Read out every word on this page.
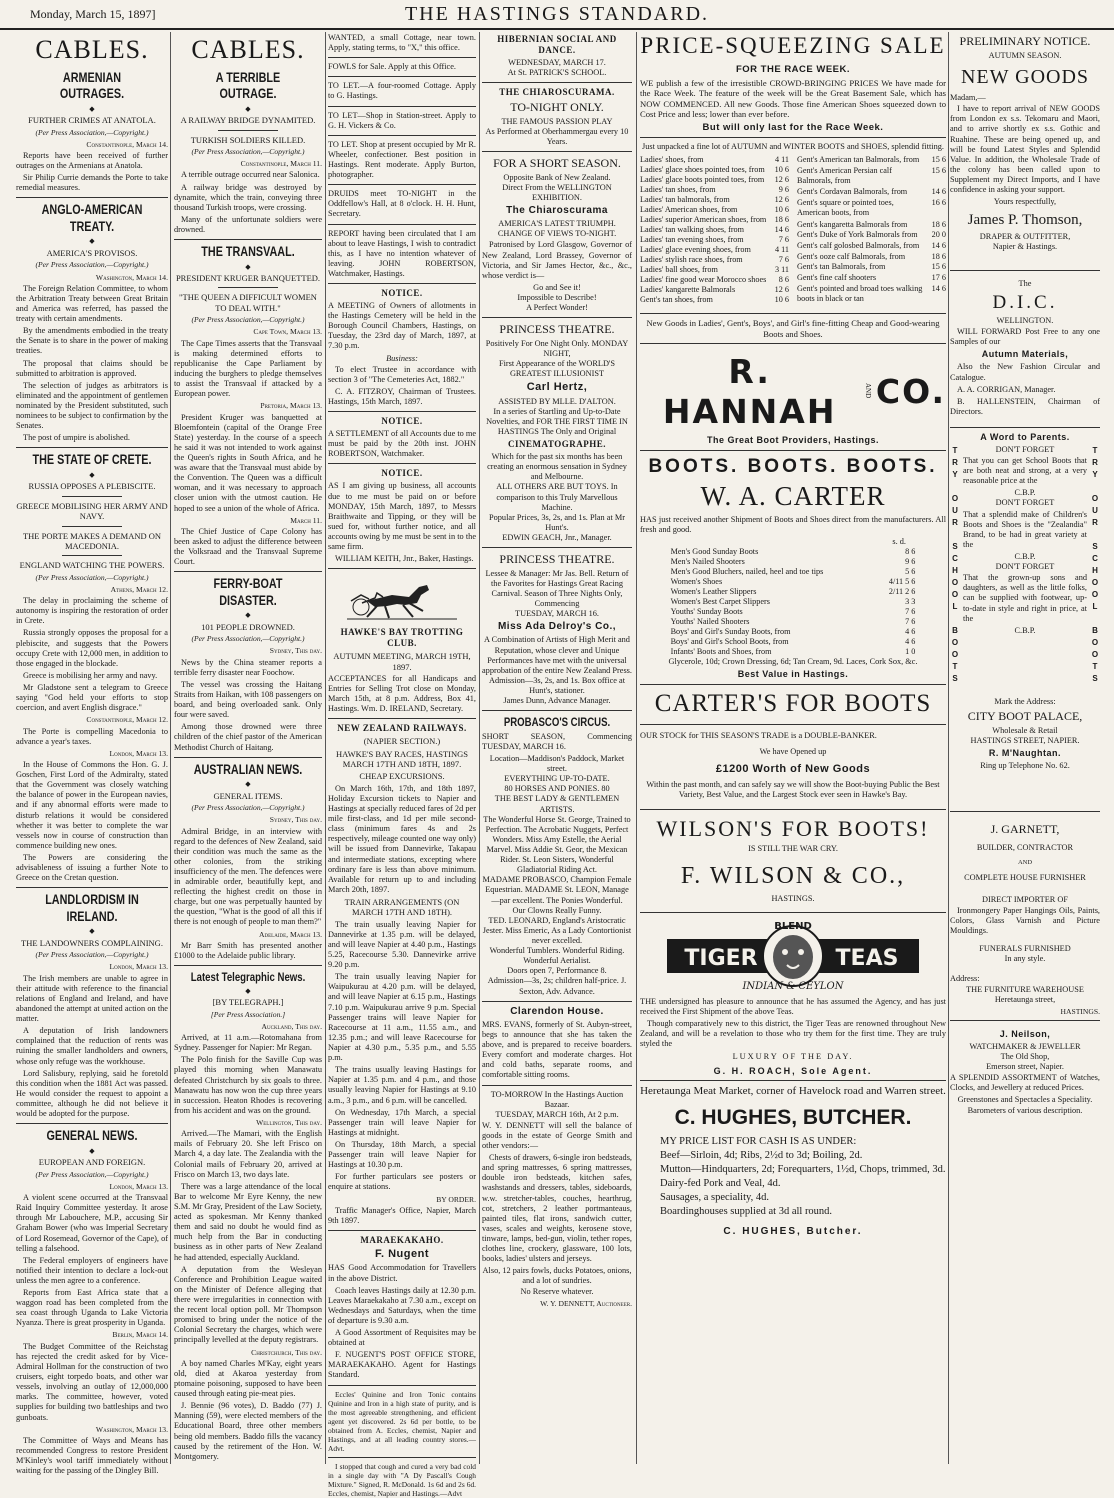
Monday, March 15, 1897]	THE HASTINGS STANDARD.
CABLES.
ARMENIAN OUTRAGES.
◆
FURTHER CRIMES AT ANATOLA.
(Per Press Association,—Copyright.)
Constantinople, March 14.

Reports have been received of further outrages on the Armenians at Anatola.

Sir Philip Currie demands the Porte to take remedial measures.

ANGLO-AMERICAN TREATY.
◆
AMERICA'S PROVISOS.
(Per Press Association,—Copyright.)
Washington, March 14.

The Foreign Relation Committee, to whom the Arbitration Treaty between Great Britain and America was referred, has passed the treaty with certain amendments.

By the amendments embodied in the treaty the Senate is to share in the power of making treaties.

The proposal that claims should be submitted to arbitration is approved.

The selection of judges as arbitrators is eliminated and the appointment of gentlemen nominated by the President substituted, such nominees to be subject to confirmation by the Senates.

The post of umpire is abolished.

THE STATE OF CRETE.
◆
RUSSIA OPPOSES A PLEBISCITE.
GREECE MOBILISING HER ARMY AND NAVY.
THE PORTE MAKES A DEMAND ON MACEDONIA.
ENGLAND WATCHING THE POWERS.
(Per Press Association,—Copyright.)
Athens, March 12.

The delay in proclaiming the scheme of autonomy is inspiring the restoration of order in Crete.

Russia strongly opposes the proposal for a plebiscite, and suggests that the Powers occupy Crete with 12,000 men, in addition to those engaged in the blockade.

Greece is mobilising her army and navy.

Mr Gladstone sent a telegram to Greece saying "God held your efforts to stop coercion, and avert English disgrace."

Constantinople, March 12.

The Porte is compelling Macedonia to advance a year's taxes.

London, March 13.

In the House of Commons the Hon. G. J. Goschen, First Lord of the Admiralty, stated that the Government was closely watching the balance of power in the European navies, and if any abnormal efforts were made to disturb relations it would be considered whether it was better to complete the war vessels now in course of construction than commence building new ones.

The Powers are considering the advisableness of issuing a further Note to Greece on the Cretan question.

LANDLORDISM IN IRELAND.
◆
THE LANDOWNERS COMPLAINING.
(Per Press Association,—Copyright.)
London, March 13.

The Irish members are unable to agree in their attitude with reference to the financial relations of England and Ireland, and have abandoned the attempt at united action on the matter.

A deputation of Irish landowners complained that the reduction of rents was ruining the smaller landholders and owners, whose only refuge was the workhouse.

Lord Salisbury, replying, said he foretold this condition when the 1881 Act was passed. He would consider the request to appoint a committee, although he did not believe it would be adopted for the purpose.

GENERAL NEWS.
◆
EUROPEAN AND FOREIGN.
(Per Press Association,—Copyright.)
London, March 13.

A violent scene occurred at the Transvaal Raid Inquiry Committee yesterday. It arose through Mr Labouchere, M.P., accusing Sir Graham Bower (who was Imperial Secretary of Lord Rosemead, Governor of the Cape), of telling a falsehood.

The Federal employers of engineers have notified their intention to declare a lock-out unless the men agree to a conference.

Reports from East Africa state that a waggon road has been completed from the sea coast through Uganda to Lake Victoria Nyanza. There is great prosperity in Uganda.

Berlin, March 14.

The Budget Committee of the Reichstag has rejected the credit asked for by Vice-Admiral Hollman for the construction of two cruisers, eight torpedo boats, and other war vessels, involving an outlay of 12,000,000 marks. The committee, however, voted supplies for building two battleships and two gunboats.

Washington, March 13.

The Committee of Ways and Means has recommended Congress to restore President M'Kinley's wool tariff immediately without waiting for the passing of the Dingley Bill.

CABLES.
A TERRIBLE OUTRAGE.
◆
A RAILWAY BRIDGE DYNAMITED.
TURKISH SOLDIERS KILLED.
(Per Press Association,—Copyright.)
Constantinople, March 11.

A terrible outrage occurred near Salonica.

A railway bridge was destroyed by dynamite, which the train, conveying three thousand Turkish troops, were crossing.

Many of the unfortunate soldiers were drowned.

THE TRANSVAAL.
◆
PRESIDENT KRUGER BANQUETTED.
"THE QUEEN A DIFFICULT WOMEN TO DEAL WITH."
(Per Press Association,—Copyright.)
Cape Town, March 13.

The Cape Times asserts that the Transvaal is making determined efforts to republicanise the Cape Parliament by inducing the burghers to pledge themselves to assist the Transvaal if attacked by a European power.

Pretoria, March 13.

President Kruger was banquetted at Bloemfontein (capital of the Orange Free State) yesterday. In the course of a speech he said it was not intended to work against the Queen's rights in South Africa, and he was aware that the Transvaal must abide by the Convention. The Queen was a difficult woman, and it was necessary to approach closer union with the utmost caution. He hoped to see a union of the whole of Africa.

March 11.

The Chief Justice of Cape Colony has been asked to adjust the difference between the Volksraad and the Transvaal Supreme Court.

FERRY-BOAT DISASTER.
◆
101 PEOPLE DROWNED.
(Per Press Association,—Copyright.)
Sydney, This day.

News by the China steamer reports a terrible ferry disaster near Foochow.

The vessel was crossing the Haitang Straits from Haikan, with 108 passengers on board, and being overloaded sank. Only four were saved.

Among those drowned were three children of the chief pastor of the American Methodist Church of Haitang.

AUSTRALIAN NEWS.
◆
GENERAL ITEMS.
(Per Press Association,—Copyright.)
Sydney, This day.

Admiral Bridge, in an interview with regard to the defences of New Zealand, said their condition was much the same as the other colonies, from the striking insufficiency of the men. The defences were in admirable order, beautifully kept, and reflecting the highest credit on those in charge, but one was perpetually haunted by the question, "What is the good of all this if there is not enough of people to man them?"

Adelaide, March 13.

Mr Barr Smith has presented another £1000 to the Adelaide public library.

Latest Telegraphic News.
◆
[BY TELEGRAPH.]
[Per Press Association.]
Auckland, This day.

Arrived, at 11 a.m.—Rotomahana from Sydney. Passenger for Napier: Mr Regan.

The Polo finish for the Saville Cup was played this morning when Manawatu defeated Christchurch by six goals to three. Manawatu has now won the cup three years in succession. Heaton Rhodes is recovering from his accident and was on the ground.

Wellington, This day.

Arrived.—The Mamari, with the English mails of February 20. She left Frisco on March 4, a day late. The Zealandia with the Colonial mails of February 20, arrived at Frisco on March 13, two days late.

There was a large attendance of the local Bar to welcome Mr Eyre Kenny, the new S.M. Mr Gray, President of the Law Society, acted as spokesman. Mr Kenny thanked them and said no doubt he would find as much help from the Bar in conducting business as in other parts of New Zealand he had attended, especially Auckland.

A deputation from the Wesleyan Conference and Prohibition League waited on the Minister of Defence alleging that there were irregularities in connection with the recent local option poll. Mr Thompson promised to bring under the notice of the Colonial Secretary the charges, which were principally levelled at the deputy registrars.

Christchurch, This day.

A boy named Charles M'Kay, eight years old, died at Akaroa yesterday from ptomaine poisoning, supposed to have been caused through eating pie-meat pies.

J. Bennie (96 votes), D. Baddo (77) J. Manning (59), were elected members of the Educational Board, three other members being old members. Baddo fills the vacancy caused by the retirement of the Hon. W. Montgomery.

WANTED, a small Cottage, near town. Apply, stating terms, to "X," this office.

FOWLS for Sale. Apply at this Office.

TO LET.—A four-roomed Cottage. Apply to G. Hastings.

TO LET—Shop in Station-street. Apply to G. H. Vickers & Co.

TO LET. Shop at present occupied by Mr R. Wheeler, confectioner. Best position in Hastings. Rent moderate. Apply Burton, photographer.

DRUIDS meet TO-NIGHT in the Oddfellow's Hall, at 8 o'clock. H. H. Hunt, Secretary.

REPORT having been circulated that I am about to leave Hastings, I wish to contradict this, as I have no intention whatever of leaving. JOHN ROBERTSON, Watchmaker, Hastings.

NOTICE.

A MEETING of Owners of allotments in the Hastings Cemetery will be held in the Borough Council Chambers, Hastings, on Tuesday, the 23rd day of March, 1897, at 7.30 p.m.

Business:

To elect Trustee in accordance with section 3 of "The Cemeteries Act, 1882."

C. A. FITZROY, Chairman of Trustees. Hastings, 15th March, 1897.

NOTICE.

A SETTLEMENT of all Accounts due to me must be paid by the 20th inst. JOHN ROBERTSON, Watchmaker.

NOTICE.

AS I am giving up business, all accounts due to me must be paid on or before MONDAY, 15th March, 1897, to Messrs Braithwaite and Tipping, or they will be sued for, without further notice, and all accounts owing by me must be sent in to the same firm.

WILLIAM KEITH, Jnr., Baker, Hastings.

HAWKE'S BAY TROTTING CLUB.
AUTUMN MEETING, MARCH 19TH, 1897.

ACCEPTANCES for all Handicaps and Entries for Selling Trot close on Monday, March 15th, at 8 p.m. Address, Box 41, Hastings. Wm. D. IRELAND, Secretary.

NEW ZEALAND RAILWAYS.
(NAPIER SECTION.)
HAWKE'S BAY RACES, HASTINGS MARCH 17TH AND 18TH, 1897.
CHEAP EXCURSIONS.

On March 16th, 17th, and 18th 1897, Holiday Excursion tickets to Napier and Hastings at specially reduced fares of 2d per mile first-class, and 1d per mile second-class (minimum fares 4s and 2s respectively, mileage counted one way only) will be issued from Dannevirke, Takapau and intermediate stations, excepting where ordinary fare is less than above minimum. Available for return up to and including March 20th, 1897.

TRAIN ARRANGEMENTS (ON MARCH 17TH AND 18TH).

The train usually leaving Napier for Dannevirke at 1.35 p.m. will be delayed, and will leave Napier at 4.40 p.m., Hastings 5.25, Racecourse 5.30. Dannevirke arrive 9.20 p.m.

The train usually leaving Napier for Waipukurau at 4.20 p.m. will be delayed, and will leave Napier at 6.15 p.m., Hastings 7.10 p.m. Waipukurau arrive 9 p.m. Special Passenger trains will leave Napier for Racecourse at 11 a.m., 11.55 a.m., and 12.35 p.m.; and will leave Racecourse for Napier at 4.30 p.m., 5.35 p.m., and 5.55 p.m.

The trains usually leaving Hastings for Napier at 1.35 p.m. and 4 p.m., and those usually leaving Napier for Hastings at 9.10 a.m., 3 p.m., and 6 p.m. will be cancelled.

On Wednesday, 17th March, a special Passenger train will leave Napier for Hastings at midnight.

On Thursday, 18th March, a special Passenger train will leave Napier for Hastings at 10.30 p.m.

For further particulars see posters or enquire at stations.

BY ORDER.

Traffic Manager's Office, Napier, March 9th 1897.

MARAEKAKAHO.
F. Nugent

HAS Good Accommodation for Travellers in the above District.

Coach leaves Hastings daily at 12.30 p.m. Leaves Maraekakaho at 7.30 a.m., except on Wednesdays and Saturdays, when the time of departure is 9.30 a.m.

A Good Assortment of Requisites may be obtained at

F. NUGENT'S POST OFFICE STORE, MARAEKAKAHO. Agent for Hastings Standard.

Eccles' Quinine and Iron Tonic contains Quinine and Iron in a high state of purity, and is the most agreeable strengthening, and efficient agent yet discovered. 2s 6d per bottle, to be obtained from A. Eccles, chemist, Napier and Hastings, and at all leading country stores.—Advt.

I stopped that cough and cured a very bad cold in a single day with "A Dy Pascall's Cough Mixture." Signed, R. McDonald. 1s 6d and 2s 6d. Eccles, chemist, Napier and Hastings.—Advt

HIBERNIAN SOCIAL AND DANCE.
WEDNESDAY, MARCH 17.
At St. PATRICK'S SCHOOL.
THE CHIAROSCURAMA.
TO-NIGHT ONLY.
THE FAMOUS PASSION PLAY
As Performed at Oberhammergau every 10 Years.
FOR A SHORT SEASON.
Opposite Bank of New Zealand.
Direct From the WELLINGTON EXHIBITION.
The Chiaroscurama
AMERICA'S LATEST TRIUMPH.
CHANGE OF VIEWS TO-NIGHT.

Patronised by Lord Glasgow, Governor of New Zealand, Lord Brassey, Governor of Victoria, and Sir James Hector, &c., &c., whose verdict is—

Go and See it!
Impossible to Describe!
A Perfect Wonder!
PRINCESS THEATRE.
Positively For One Night Only. MONDAY NIGHT,
First Appearance of the WORLD'S GREATEST ILLUSIONIST
Carl Hertz,
ASSISTED BY MLLE. D'ALTON.
In a series of Startling and Up-to-Date Novelties, and FOR THE FIRST TIME IN HASTINGS The Only and Original
CINEMATOGRAPHE.
Which for the past six months has been creating an enormous sensation in Sydney and Melbourne.
ALL OTHERS ARE BUT TOYS. In comparison to this Truly Marvellous Machine.
Popular Prices, 3s, 2s, and 1s. Plan at Mr Hunt's.
EDWIN GEACH, Jnr., Manager.
PRINCESS THEATRE.
Lessee & Manager: Mr Jas. Bell. Return of the Favorites for Hastings Great Racing Carnival. Season of Three Nights Only, Commencing
TUESDAY, MARCH 16.
Miss Ada Delroy's Co.,
A Combination of Artists of High Merit and Reputation, whose clever and Unique Performances have met with the universal approbation of the entire New Zealand Press.
Admission—3s, 2s, and 1s. Box office at Hunt's, stationer.
James Dunn, Advance Manager.
PROBASCO'S CIRCUS.

SHORT SEASON, Commencing TUESDAY, MARCH 16.

Location—Maddison's Paddock, Market street.
EVERYTHING UP-TO-DATE.
80 HORSES AND PONIES. 80
THE BEST LADY & GENTLEMEN ARTISTS.
The Wonderful Horse St. George, Trained to Perfection. The Acrobatic Nuggets, Perfect Wonders. Miss Amy Estelle, the Aerial Marvel. Miss Addie St. Geor, the Mexican Rider. St. Leon Sisters, Wonderful Gladiatorial Riding Act.
MADAME PROBASCO, Champion Female Equestrian. MADAME St. LEON, Manage—par excellent. The Ponies Wonderful.
Our Clowns Really Funny.
TED. LEONARD, England's Aristocratic Jester. Miss Emeric, As a Lady Contortionist never excelled.
Wonderful Tumblers. Wonderful Riding. Wonderful Aerialist.
Doors open 7, Performance 8.
Admission—3s, 2s; children half-price. J. Sexton, Adv. Advance.
Clarendon House.

MRS. EVANS, formerly of St. Aubyn-street, begs to announce that she has taken the above, and is prepared to receive boarders. Every comfort and moderate charges. Hot and cold baths, separate rooms, and comfortable sitting rooms.

TO-MORROW In the Hastings Auction Bazaar.
TUESDAY, MARCH 16th, At 2 p.m.

W. Y. DENNETT will sell the balance of goods in the estate of George Smith and other vendors:—

Chests of drawers, 6-single iron bedsteads, and spring mattresses, 6 spring mattresses, double iron bedsteads, kitchen safes, washstands and dressers, tables, sideboards, w.w. stretcher-tables, couches, hearthrug, cot, stretchers, 2 leather portmanteaus, painted tiles, flat irons, sandwich cutter, vases, scales and weights, kerosene stove, tinware, lamps, bed-gun, violin, tether ropes, clothes line, crockery, glassware, 100 lots, books, ladies' ulsters and jerseys.

Also, 12 pairs fowls, ducks Potatoes, onions, and a lot of sundries.
No Reserve whatever.
W. Y. DENNETT, Auctioneer.
PRICE-SQUEEZING SALE
FOR THE RACE WEEK.

WE publish a few of the irresistible CROWD-BRINGING PRICES We have made for the Race Week. The feature of the week will be the Great Basement Sale, which has NOW COMMENCED. All new Goods. Those fine American Shoes squeezed down to Cost Price and less; lower than ever before.

But will only last for the Race Week.
Just unpacked a fine lot of AUTUMN and WINTER BOOTS and SHOES, splendid fitting.
Ladies' shoes, from	4 11
Ladies' glace shoes pointed toes, from	10 6
Ladies' glace boots pointed toes, from	12 6
Ladies' tan shoes, from	9 6
Ladies' tan balmorals, from	12 6
Ladies' American shoes, from	10 6
Ladies' superior American shoes, from	18 6
Ladies' tan walking shoes, from	14 6
Ladies' tan evening shoes, from	7 6
Ladies' glace evening shoes, from	4 11
Ladies' stylish race shoes, from	7 6
Ladies' ball shoes, from	3 11
Ladies' fine good wear Morocco shoes	8 6
Ladies' kangarette Balmorals	12 6
Gent's tan shoes, from	10 6
Gent's American tan Balmorals, from	15 6
Gent's American Persian calf Balmorals, from	15 6
Gent's Cordavan Balmorals, from	14 6
Gent's square or pointed toes, American boots, from	16 6
Gent's kangaretta Balmorals from	18 6
Gent's Duke of York Balmorals from	20 0
Gent's calf golosbed Balmorals, from	14 6
Gent's ooze calf Balmorals, from	18 6
Gent's tan Balmorals, from	15 6
Gent's fine calf shooters	17 6
Gent's pointed and broad toes walking boots in black or tan	14 6
New Goods in Ladies', Gent's, Boys', and Girl's fine-fitting Cheap and Good-wearing Boots and Shoes.
R. HANNAH
AND CO.
The Great Boot Providers, Hastings.
BOOTS. BOOTS. BOOTS.
W. A. CARTER

HAS just received another Shipment of Boots and Shoes direct from the manufacturers. All fresh and good.

s. d.
Men's Good Sunday Boots	8 6
Men's Nailed Shooters	9 6
Men's Good Bluchers, nailed, heel and toe tips	5 6
Women's Shoes	4/11 5 6
Women's Leather Slippers	2/11 2 6
Women's Best Carpet Slippers	3 3
Youths' Sunday Boots	7 6
Youths' Nailed Shooters	7 6
Boys' and Girl's Sunday Boots, from	4 6
Boys' and Girl's School Boots, from	4 6
Infants' Boots and Shoes, from	1 0
Glycerole, 10d; Crown Dressing, 6d; Tan Cream, 9d. Laces, Cork Sox, &c.
Best Value in Hastings.
CARTER'S FOR BOOTS

OUR STOCK for THIS SEASON'S TRADE is a DOUBLE-BANKER.

We have Opened up
£1200 Worth of New Goods
Within the past month, and can safely say we will show the Boot-buying Public the Best Variety, Best Value, and the Largest Stock ever seen in Hawke's Bay.
WILSON'S FOR BOOTS!
IS STILL THE WAR CRY.
F. WILSON & CO.,
HASTINGS.
TIGER	TEAS
BLEND
INDIAN & CEYLON

THE undersigned has pleasure to announce that he has assumed the Agency, and has just received the First Shipment of the above Teas.

Though comparatively new to this district, the Tiger Teas are renowned throughout New Zealand, and will be a revelation to those who try them for the first time. They are truly styled the

LUXURY OF THE DAY.
G. H. ROACH, Sole Agent.
Heretaunga Meat Market, corner of Havelock road and Warren street.
C. HUGHES, BUTCHER.
MY PRICE LIST FOR CASH IS AS UNDER:
Beef—Sirloin, 4d; Ribs, 2½d to 3d; Boiling, 2d.
Mutton—Hindquarters, 2d; Forequarters, 1½d, Chops, trimmed, 3d.
Dairy-fed Pork and Veal, 4d.
Sausages, a speciality, 4d.
Boardinghouses supplied at 3d all round.
C. HUGHES, Butcher.
PRELIMINARY NOTICE.
AUTUMN SEASON.
NEW GOODS
Madam,—

I have to report arrival of NEW GOODS from London ex s.s. Tekomaru and Maori, and to arrive shortly ex s.s. Gothic and Ruahine. These are being opened up, and will be found Latest Styles and Splendid Value. In addition, the Wholesale Trade of the colony has been called upon to Supplement my Direct Imports, and I have confidence in asking your support.

Yours respectfully,
James P. Thomson,
DRAPER & OUTFITTER,
Napier & Hastings.
The
D.I.C.
WELLINGTON.

WILL FORWARD Post Free to any one Samples of our

Autumn Materials,

Also the New Fashion Circular and Catalogue.

A. A. CORRIGAN, Manager.

B. HALLENSTEIN, Chairman of Directors.

A Word to Parents.
T
R
Y

O
U
R

S
C
H
O
O
L

B
O
O
T
S

DON'T FORGET

That you can get School Boots that are both neat and strong, at a very reasonable price at the

C.B.P.
DON'T FORGET

That a splendid make of Children's Boots and Shoes is the "Zealandia" Brand, to be had in great variety at the

C.B.P.
DON'T FORGET

That the grown-up sons and daughters, as well as the little folks, can be supplied with footwear, up-to-date in style and right in price, at the

C.B.P.
T
R
Y

O
U
R

S
C
H
O
O
L

B
O
O
T
S

Mark the Address:
CITY BOOT PALACE,
Wholesale & Retail
HASTINGS STREET, NAPIER.
R. M'Naughtan.
Ring up Telephone No. 62.
J. GARNETT,
BUILDER, CONTRACTOR
AND
COMPLETE HOUSE FURNISHER
DIRECT IMPORTER OF

Ironmongery Paper Hangings Oils, Paints, Colors, Glass Varnish and Picture Mouldings.

FUNERALS FURNISHED
In any style.
Address:
THE FURNITURE WAREHOUSE
Heretaunga street,
HASTINGS.
J. Neilson,
WATCHMAKER & JEWELLER
The Old Shop,
Emerson street, Napier.

A SPLENDID ASSORTMENT of Watches, Clocks, and Jewellery at reduced Prices.

Greenstones and Spectacles a Speciality.
Barometers of various description.
